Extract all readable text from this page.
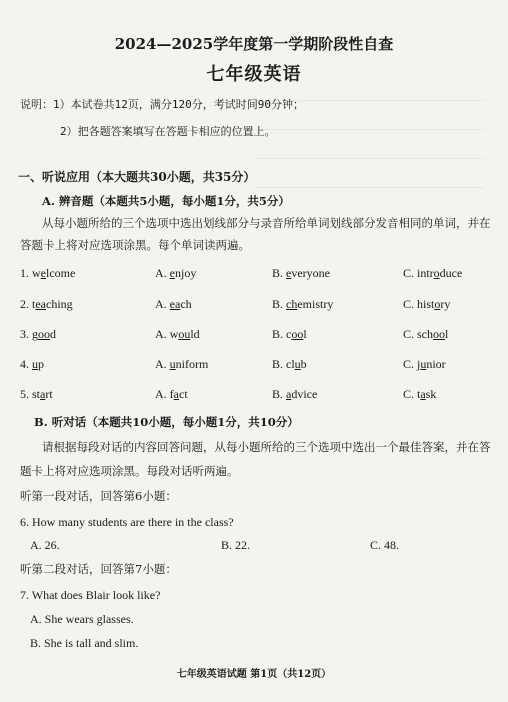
2024—2025学年度第一学期阶段性自查
七年级英语
说明：1）本试卷共12页，满分120分，考试时间90分钟；
2）把各题答案填写在答题卡相应的位置上。
一、听说应用（本大题共30小题，共35分）
A. 辨音题（本题共5小题，每小题1分，共5分）
从每小题所给的三个选项中选出划线部分与录音所给单词划线部分发音相同的单词，并在
答题卡上将对应选项涂黑。每个单词读两遍。
1. welcome	A. enjoy	B. everyone	C. introduce
2. teaching	A. each	B. chemistry	C. history
3. good	A. would	B. cool	C. school
4. up	A. uniform	B. club	C. junior
5. start	A. fact	B. advice	C. task
B. 听对话（本题共10小题，每小题1分，共10分）
请根据每段对话的内容回答问题，从每小题所给的三个选项中选出一个最佳答案，并在答
题卡上将对应选项涂黑。每段对话听两遍。
听第一段对话，回答第6小题：
6. How many students are there in the class?
A. 26.	B. 22.	C. 48.
听第二段对话，回答第7小题：
7. What does Blair look like?
A. She wears glasses.
B. She is tall and slim.
七年级英语试题 第1页（共12页）
